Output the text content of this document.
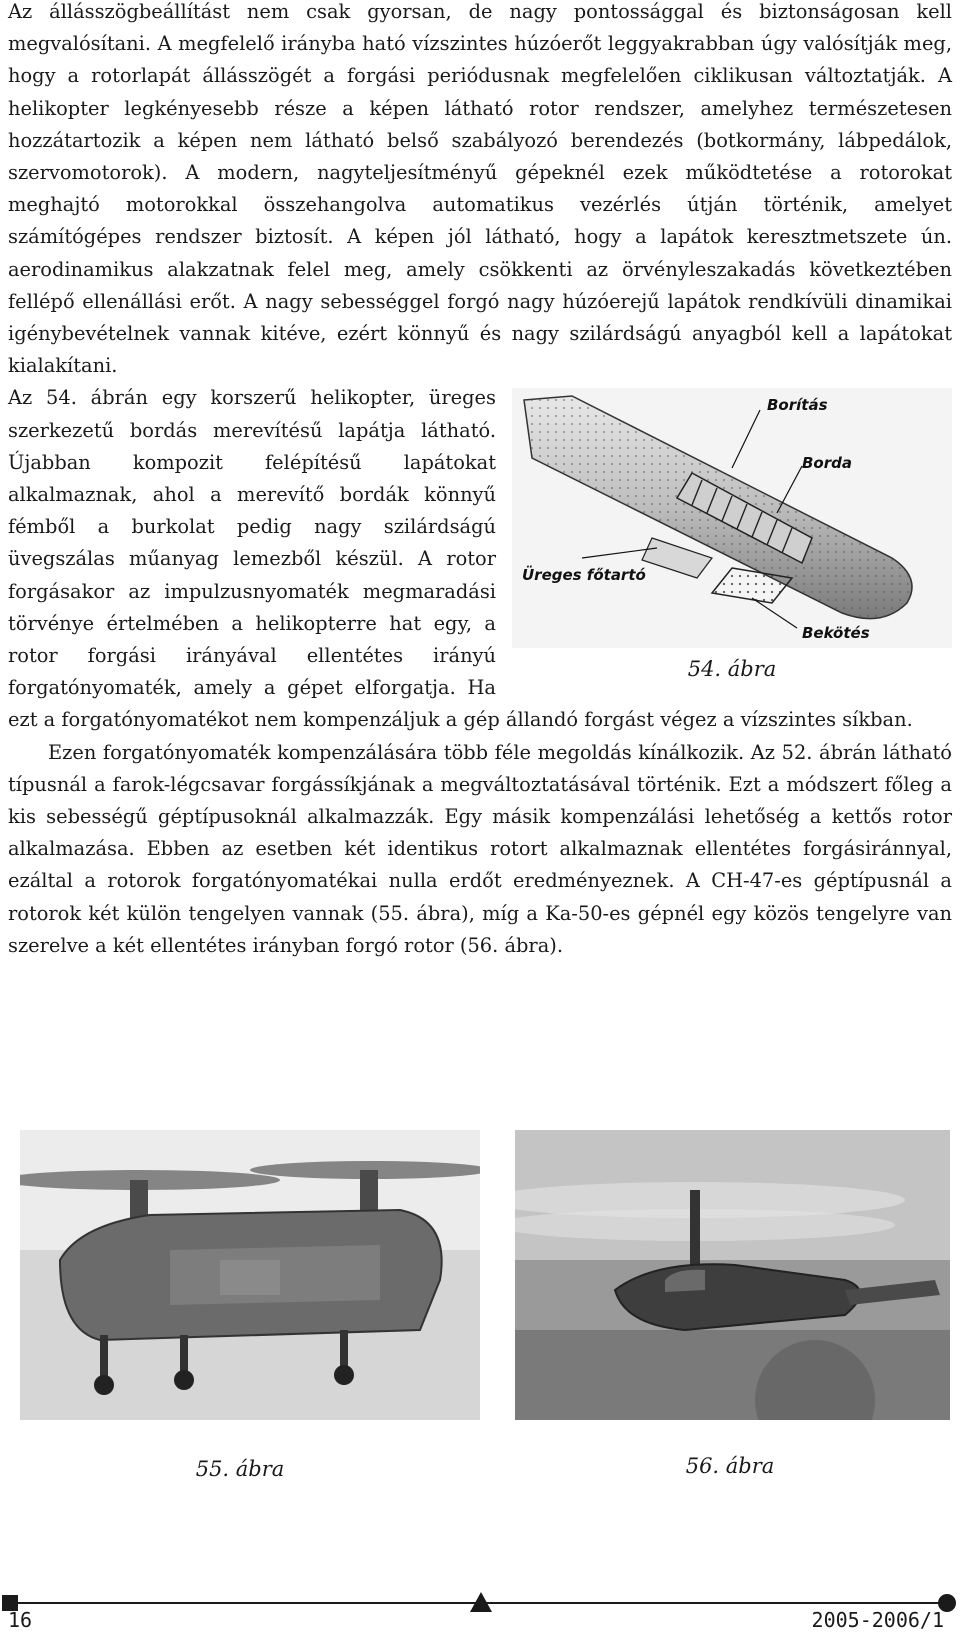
Az állásszögbeállítást nem csak gyorsan, de nagy pontossággal és biztonságosan kell megvalósítani. A megfelelő irányba ható vízszintes húzóerőt leggyakrabban úgy valósítják meg, hogy a rotorlapát állásszögét a forgási periódusnak megfelelően ciklikusan változtatják. A helikopter legkényesebb része a képen látható rotor rendszer, amelyhez természetesen hozzátartozik a képen nem látható belső szabályozó berendezés (botkormány, lábpedálok, szervomotorok). A modern, nagyteljesítményű gépeknél ezek működtetése a rotorokat meghajtó motorokkal összehangolva automatikus vezérlés útján történik, amelyet számítógépes rendszer biztosít. A képen jól látható, hogy a lapátok keresztmetszete ún. aerodinamikus alakzatnak felel meg, amely csökkenti az örvényleszakadás következtében fellépő ellenállási erőt. A nagy sebességgel forgó nagy húzóerejű lapátok rendkívüli dinamikai igénybevételnek vannak kitéve, ezért könnyű és nagy szilárdságú anyagból kell a lapátokat kialakítani.

Borítás
Borda
Üreges főtartó
Bekötés
54. ábra

Az 54. ábrán egy korszerű helikopter, üreges szerkezetű bordás merevítésű lapátja látható. Újabban kompozit felépítésű lapátokat alkalmaznak, ahol a merevítő bordák könnyű fémből a burkolat pedig nagy szilárdságú üvegszálas műanyag lemezből készül. A rotor forgásakor az impulzusnyomaték megmaradási törvénye értelmében a helikopterre hat egy, a rotor forgási irányával ellentétes irányú forgatónyomaték, amely a gépet elforgatja. Ha ezt a forgatónyomatékot nem kompenzáljuk a gép állandó forgást végez a vízszintes síkban.

Ezen forgatónyomaték kompenzálására több féle megoldás kínálkozik. Az 52. ábrán látható típusnál a farok-légcsavar forgássíkjának a megváltoztatásával történik. Ezt a módszert főleg a kis sebességű géptípusoknál alkalmazzák. Egy másik kompenzálási lehetőség a kettős rotor alkalmazása. Ebben az esetben két identikus rotort alkalmaznak ellentétes forgásiránnyal, ezáltal a rotorok forgatónyomatékai nulla erdőt eredményeznek. A CH-47-es géptípusnál a rotorok két külön tengelyen vannak (55. ábra), míg a Ka-50-es gépnél egy közös tengelyre van szerelve a két ellentétes irányban forgó rotor (56. ábra).

55. ábra	56. ábra
16	2005-2006/1
